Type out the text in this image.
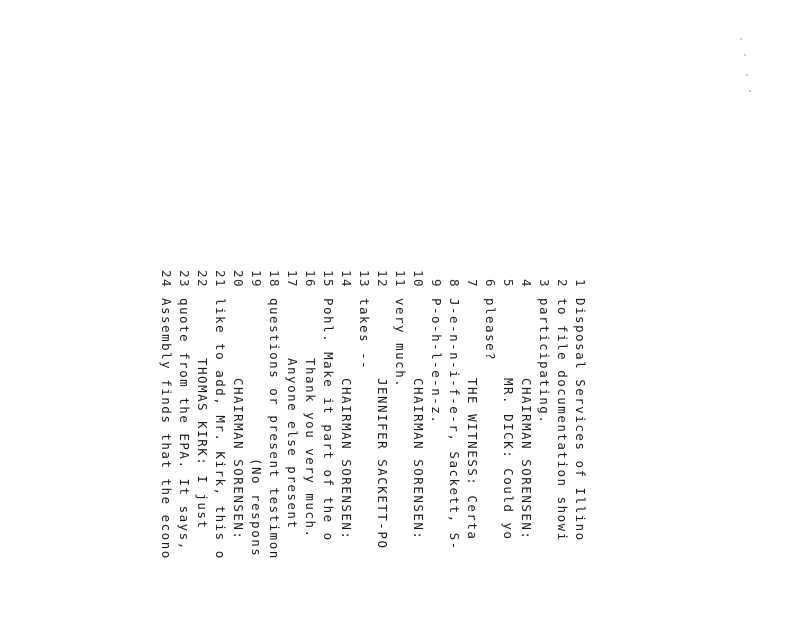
1Disposal Services of Illino
2to file documentation showi
3participating.
4CHAIRMAN SORENSEN:
5MR. DICK: Could yo
6please?
7THE WITNESS: Certa
8J-e-n-n-i-f-e-r, Sackett, S-
9P-o-h-l-e-n-z.
10CHAIRMAN SORENSEN:
11very much.
12JENNIFER SACKETT-PO
13takes --
14CHAIRMAN SORENSEN:
15Pohl. Make it part of the o
16Thank you very much.
17Anyone else present
18questions or present testimon
19(No respons
20CHAIRMAN SORENSEN:
21like to add, Mr. Kirk, this o
22THOMAS KIRK: I just
23quote from the EPA. It says,
24Assembly finds that the econo
